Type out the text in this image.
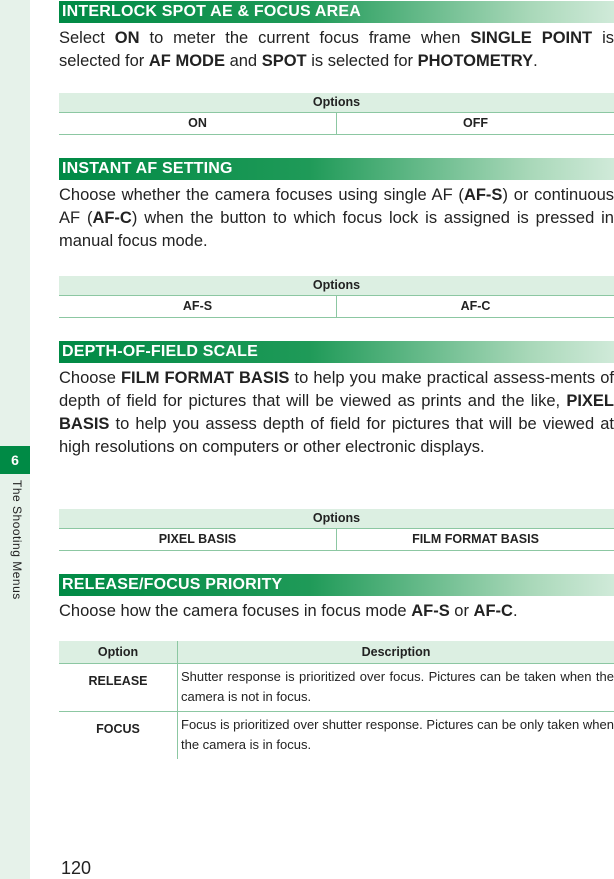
6
The Shooting Menus
INTERLOCK SPOT AE & FOCUS AREA
Select ON to meter the current focus frame when SINGLE POINT is selected for AF MODE and SPOT is selected for PHOTOMETRY.
Options
ON	OFF
INSTANT AF SETTING
Choose whether the camera focuses using single AF (AF-S) or continuous AF (AF-C) when the button to which focus lock is assigned is pressed in manual focus mode.
Options
AF-S	AF-C
DEPTH-OF-FIELD SCALE
Choose FILM FORMAT BASIS to help you make practical assess-ments of depth of field for pictures that will be viewed as prints and the like, PIXEL BASIS to help you assess depth of field for pictures that will be viewed at high resolutions on computers or other electronic displays.
Options
PIXEL BASIS	FILM FORMAT BASIS
RELEASE/FOCUS PRIORITY
Choose how the camera focuses in focus mode AF-S or AF-C.
Option	Description
RELEASE	Shutter response is prioritized over focus. Pictures can be taken when the camera is not in focus.
FOCUS	Focus is prioritized over shutter response. Pictures can be only taken when the camera is in focus.
120
